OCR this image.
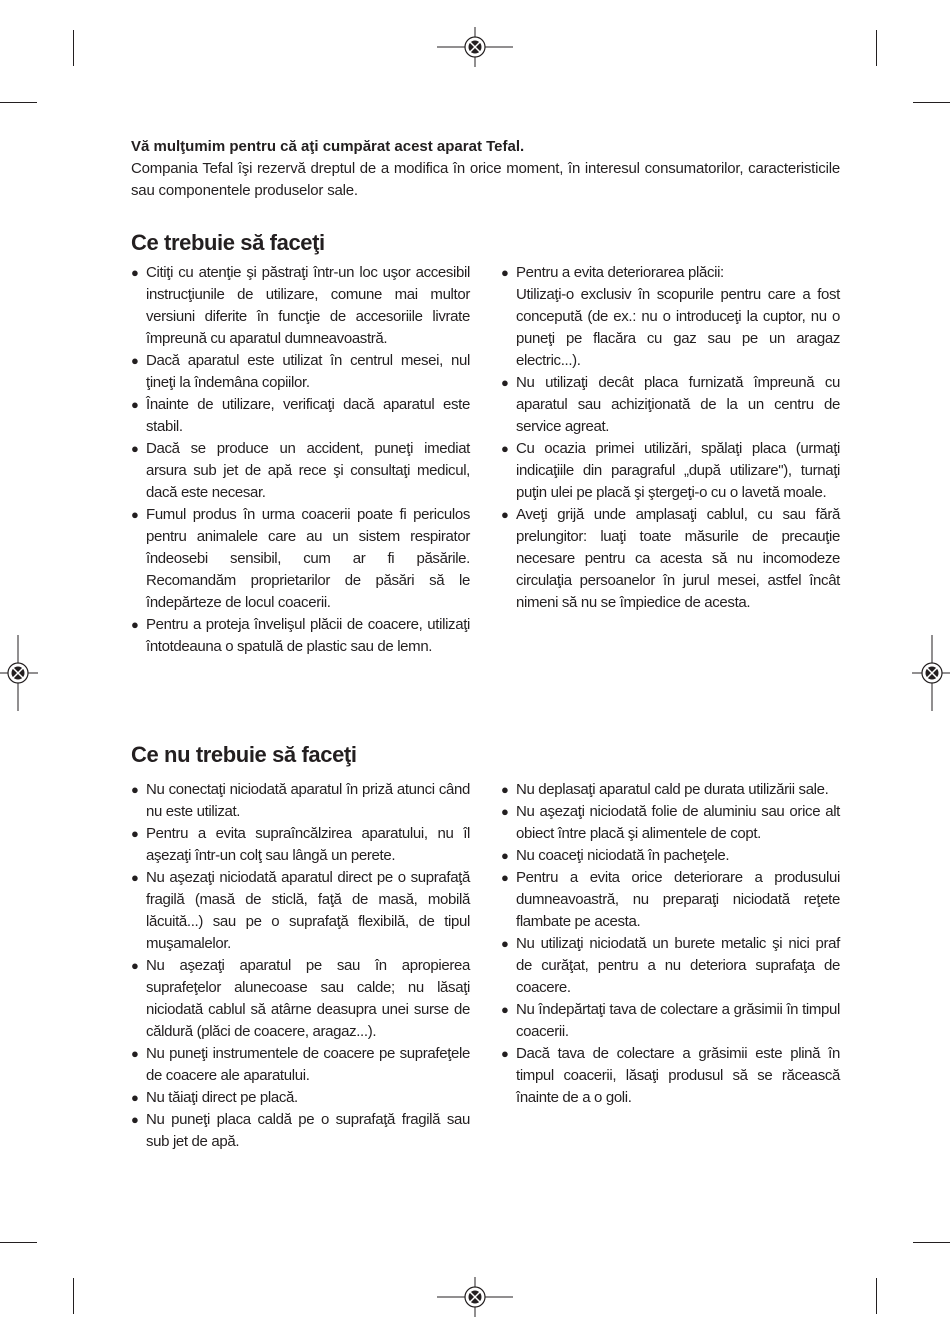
Vă mulţumim pentru că aţi cumpărat acest aparat Tefal.
Compania Tefal îşi rezervă dreptul de a modifica în orice moment, în interesul consumatorilor, caracteristicile sau componentele produselor sale.
Ce trebuie să faceţi
● Citiţi cu atenţie şi păstraţi într-un loc uşor accesibil instrucţiunile de utilizare, comune mai multor versiuni diferite în funcţie de accesoriile livrate împreună cu aparatul dumneavoastră.
● Dacă aparatul este utilizat în centrul mesei, nul ţineţi la îndemâna copiilor.
● Înainte de utilizare, verificaţi dacă aparatul este stabil.
● Dacă se produce un accident, puneţi imediat arsura sub jet de apă rece şi consultaţi medicul, dacă este necesar.
● Fumul produs în urma coacerii poate fi periculos pentru animalele care au un sistem respirator îndeosebi sensibil, cum ar fi păsările. Recomandăm proprietarilor de păsări să le îndepărteze de locul coacerii.
● Pentru a proteja învelişul plăcii de coacere, utilizaţi întotdeauna o spatulă de plastic sau de lemn.
● Pentru a evita deteriorarea plăcii:
Utilizaţi-o exclusiv în scopurile pentru care a fost concepută (de ex.: nu o introduceţi la cuptor, nu o puneţi pe flacăra cu gaz sau pe un aragaz electric...).
● Nu utilizaţi decât placa furnizată împreună cu aparatul sau achiziţionată de la un centru de service agreat.
● Cu ocazia primei utilizări, spălaţi placa (urmaţi indicaţiile din paragraful „după utilizare"), turnaţi puţin ulei pe placă şi ştergeţi-o cu o lavetă moale.
● Aveţi grijă unde amplasaţi cablul, cu sau fără prelungitor: luaţi toate măsurile de precauţie necesare pentru ca acesta să nu incomodeze circulaţia persoanelor în jurul mesei, astfel încât nimeni să nu se împiedice de acesta.
Ce nu trebuie să faceţi
● Nu conectaţi niciodată aparatul în priză atunci când nu este utilizat.
● Pentru a evita supraîncălzirea aparatului, nu îl aşezaţi într-un colţ sau lângă un perete.
● Nu aşezaţi niciodată aparatul direct pe o suprafaţă fragilă (masă de sticlă, faţă de masă, mobilă lăcuită...) sau pe o suprafaţă flexibilă, de tipul muşamalelor.
● Nu aşezaţi aparatul pe sau în apropierea suprafeţelor alunecoase sau calde; nu lăsaţi niciodată cablul să atârne deasupra unei surse de căldură (plăci de coacere, aragaz...).
● Nu puneţi instrumentele de coacere pe suprafeţele de coacere ale aparatului.
● Nu tăiaţi direct pe placă.
● Nu puneţi placa caldă pe o suprafaţă fragilă sau sub jet de apă.
● Nu deplasaţi aparatul cald pe durata utilizării sale.
● Nu aşezaţi niciodată folie de aluminiu sau orice alt obiect între placă şi alimentele de copt.
● Nu coaceţi niciodată în pacheţele.
● Pentru a evita orice deteriorare a produsului dumneavoastră, nu preparaţi niciodată reţete flambate pe acesta.
● Nu utilizaţi niciodată un burete metalic şi nici praf de curăţat, pentru a nu deteriora suprafaţa de coacere.
● Nu îndepărtaţi tava de colectare a grăsimii în timpul coacerii.
● Dacă tava de colectare a grăsimii este plină în timpul coacerii, lăsaţi produsul să se răcească înainte de a o goli.
